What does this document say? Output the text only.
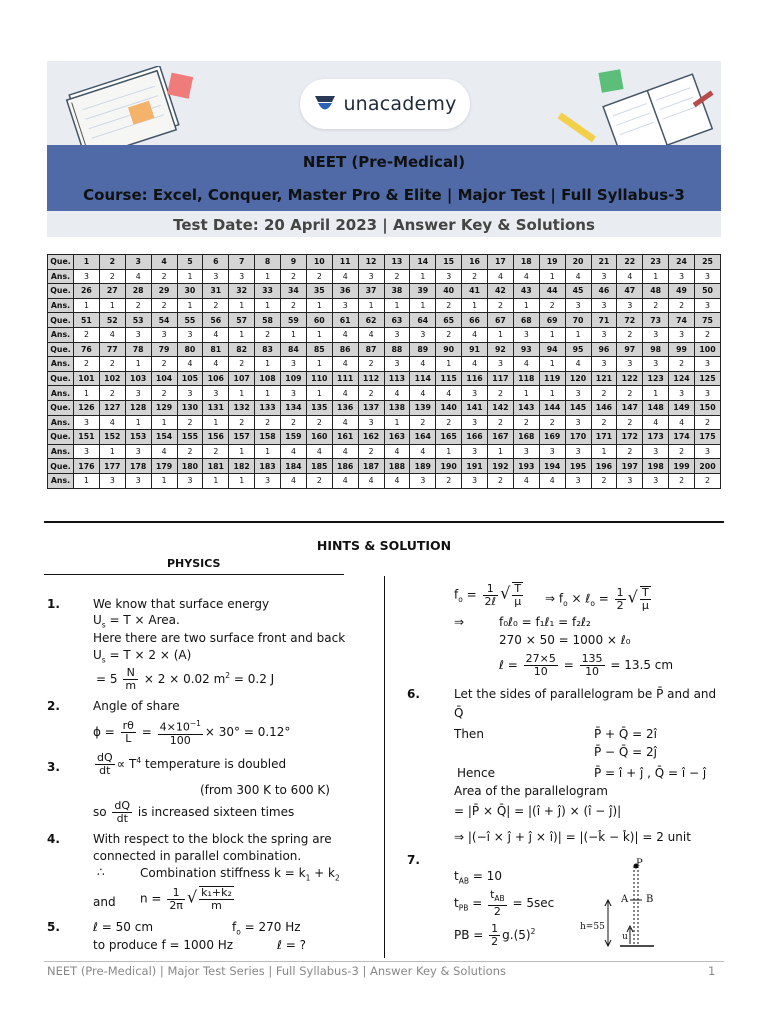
unacademy
NEET (Pre-Medical)
Course: Excel, Conquer, Master Pro & Elite | Major Test | Full Syllabus-3
Test Date: 20 April 2023 | Answer Key & Solutions
Que.	1	2	3	4	5	6	7	8	9	10	11	12	13	14	15	16	17	18	19	20	21	22	23	24	25
Ans.	3	2	4	2	1	3	3	1	2	2	4	3	2	1	3	2	4	4	1	4	3	4	1	3	3
Que.	26	27	28	29	30	31	32	33	34	35	36	37	38	39	40	41	42	43	44	45	46	47	48	49	50
Ans.	1	1	2	2	1	2	1	1	2	1	3	1	1	1	2	1	2	1	2	3	3	3	2	2	3
Que.	51	52	53	54	55	56	57	58	59	60	61	62	63	64	65	66	67	68	69	70	71	72	73	74	75
Ans.	2	4	3	3	3	4	1	2	1	1	4	4	3	3	2	4	1	3	1	1	3	2	3	3	2
Que.	76	77	78	79	80	81	82	83	84	85	86	87	88	89	90	91	92	93	94	95	96	97	98	99	100
Ans.	2	2	1	2	4	4	2	1	3	1	4	2	3	4	1	4	3	4	1	4	3	3	3	2	3
Que.	101	102	103	104	105	106	107	108	109	110	111	112	113	114	115	116	117	118	119	120	121	122	123	124	125
Ans.	1	2	3	2	3	3	1	1	3	1	4	2	4	4	4	3	2	1	1	3	2	2	1	3	3
Que.	126	127	128	129	130	131	132	133	134	135	136	137	138	139	140	141	142	143	144	145	146	147	148	149	150
Ans.	3	4	1	1	2	1	2	2	2	2	4	3	1	2	2	3	2	2	2	3	2	2	4	4	2
Que.	151	152	153	154	155	156	157	158	159	160	161	162	163	164	165	166	167	168	169	170	171	172	173	174	175
Ans.	3	1	3	4	2	2	1	1	4	4	4	2	4	4	1	3	1	3	3	3	1	2	3	2	3
Que.	176	177	178	179	180	181	182	183	184	185	186	187	188	189	190	191	192	193	194	195	196	197	198	199	200
Ans.	1	3	3	1	3	1	1	3	4	2	4	4	4	3	2	3	2	4	4	3	2	3	3	2	2
HINTS & SOLUTION
PHYSICS
1.	We know that surface energy
$U_s = T$ × Area.
Here there are two surface front and back
$U_s = T \times 2 \times (A)$
= $5 \frac{N}{m} \times 2 \times 0.02$ $m^2 = 0.2$ J
2.	Angle of share
$\phi = \frac{r\theta}{L} = \frac{4\times 10^{-1}}{100} \times 30^\circ = 0.12^\circ$
3.	$\frac{dQ}{dt} \propto T^4$ temperature is doubled
(from 300 K to 600 K)
so $\frac{dQ}{dt}$ is increased sixteen times
4.	With respect to the block the spring are
connected in parallel combination.
∴	Combination stiffness $k = k_1 + k_2$
and $n = \frac{1}{2\pi}$ √ $\frac{\text{k₁+k₂}}{m}$
5.	ℓ = 50 cm	$f_o = 270$ Hz
to produce f = 1000 Hz	ℓ = ?
$f_o = \frac{1}{\text{2ℓ}}$ √ $\frac{T}{\mu}$ ⇒ $f_o$ × ℓ$_o$ = $\frac{1}{2}$ √ $\frac{T}{\mu}$
⇒	f₀ℓ₀ = f₁ℓ₁ = f₂ℓ₂
270 × 50 = 1000 × ℓ₀
ℓ = $\frac{27\times 5}{10} = \frac{135}{10} = 13.5$ cm
6.	Let the sides of parallelogram be P̄ and and
Q̄
Then	P̄ + Q̄ = 2î
P̄ − Q̄ = 2ĵ
Hence	P̄ = î + ĵ , Q̄ = î − ĵ
Area of the parallelogram
= |P̄ × Q̄| = |(î + ĵ) × (î − ĵ)|
⇒ |(−î × ĵ + ĵ × î)| = |(−k̂ − k̂)| = 2 unit
7.
$t_{AB} = 10$
$t_{PB} = \frac{t_{AB}}{2} = 5\sec$
PB = $\frac{1}{2} g.(5)^2$
P
A B
h=55
u
NEET (Pre-Medical) | Major Test Series | Full Syllabus-3 | Answer Key & Solutions	1
